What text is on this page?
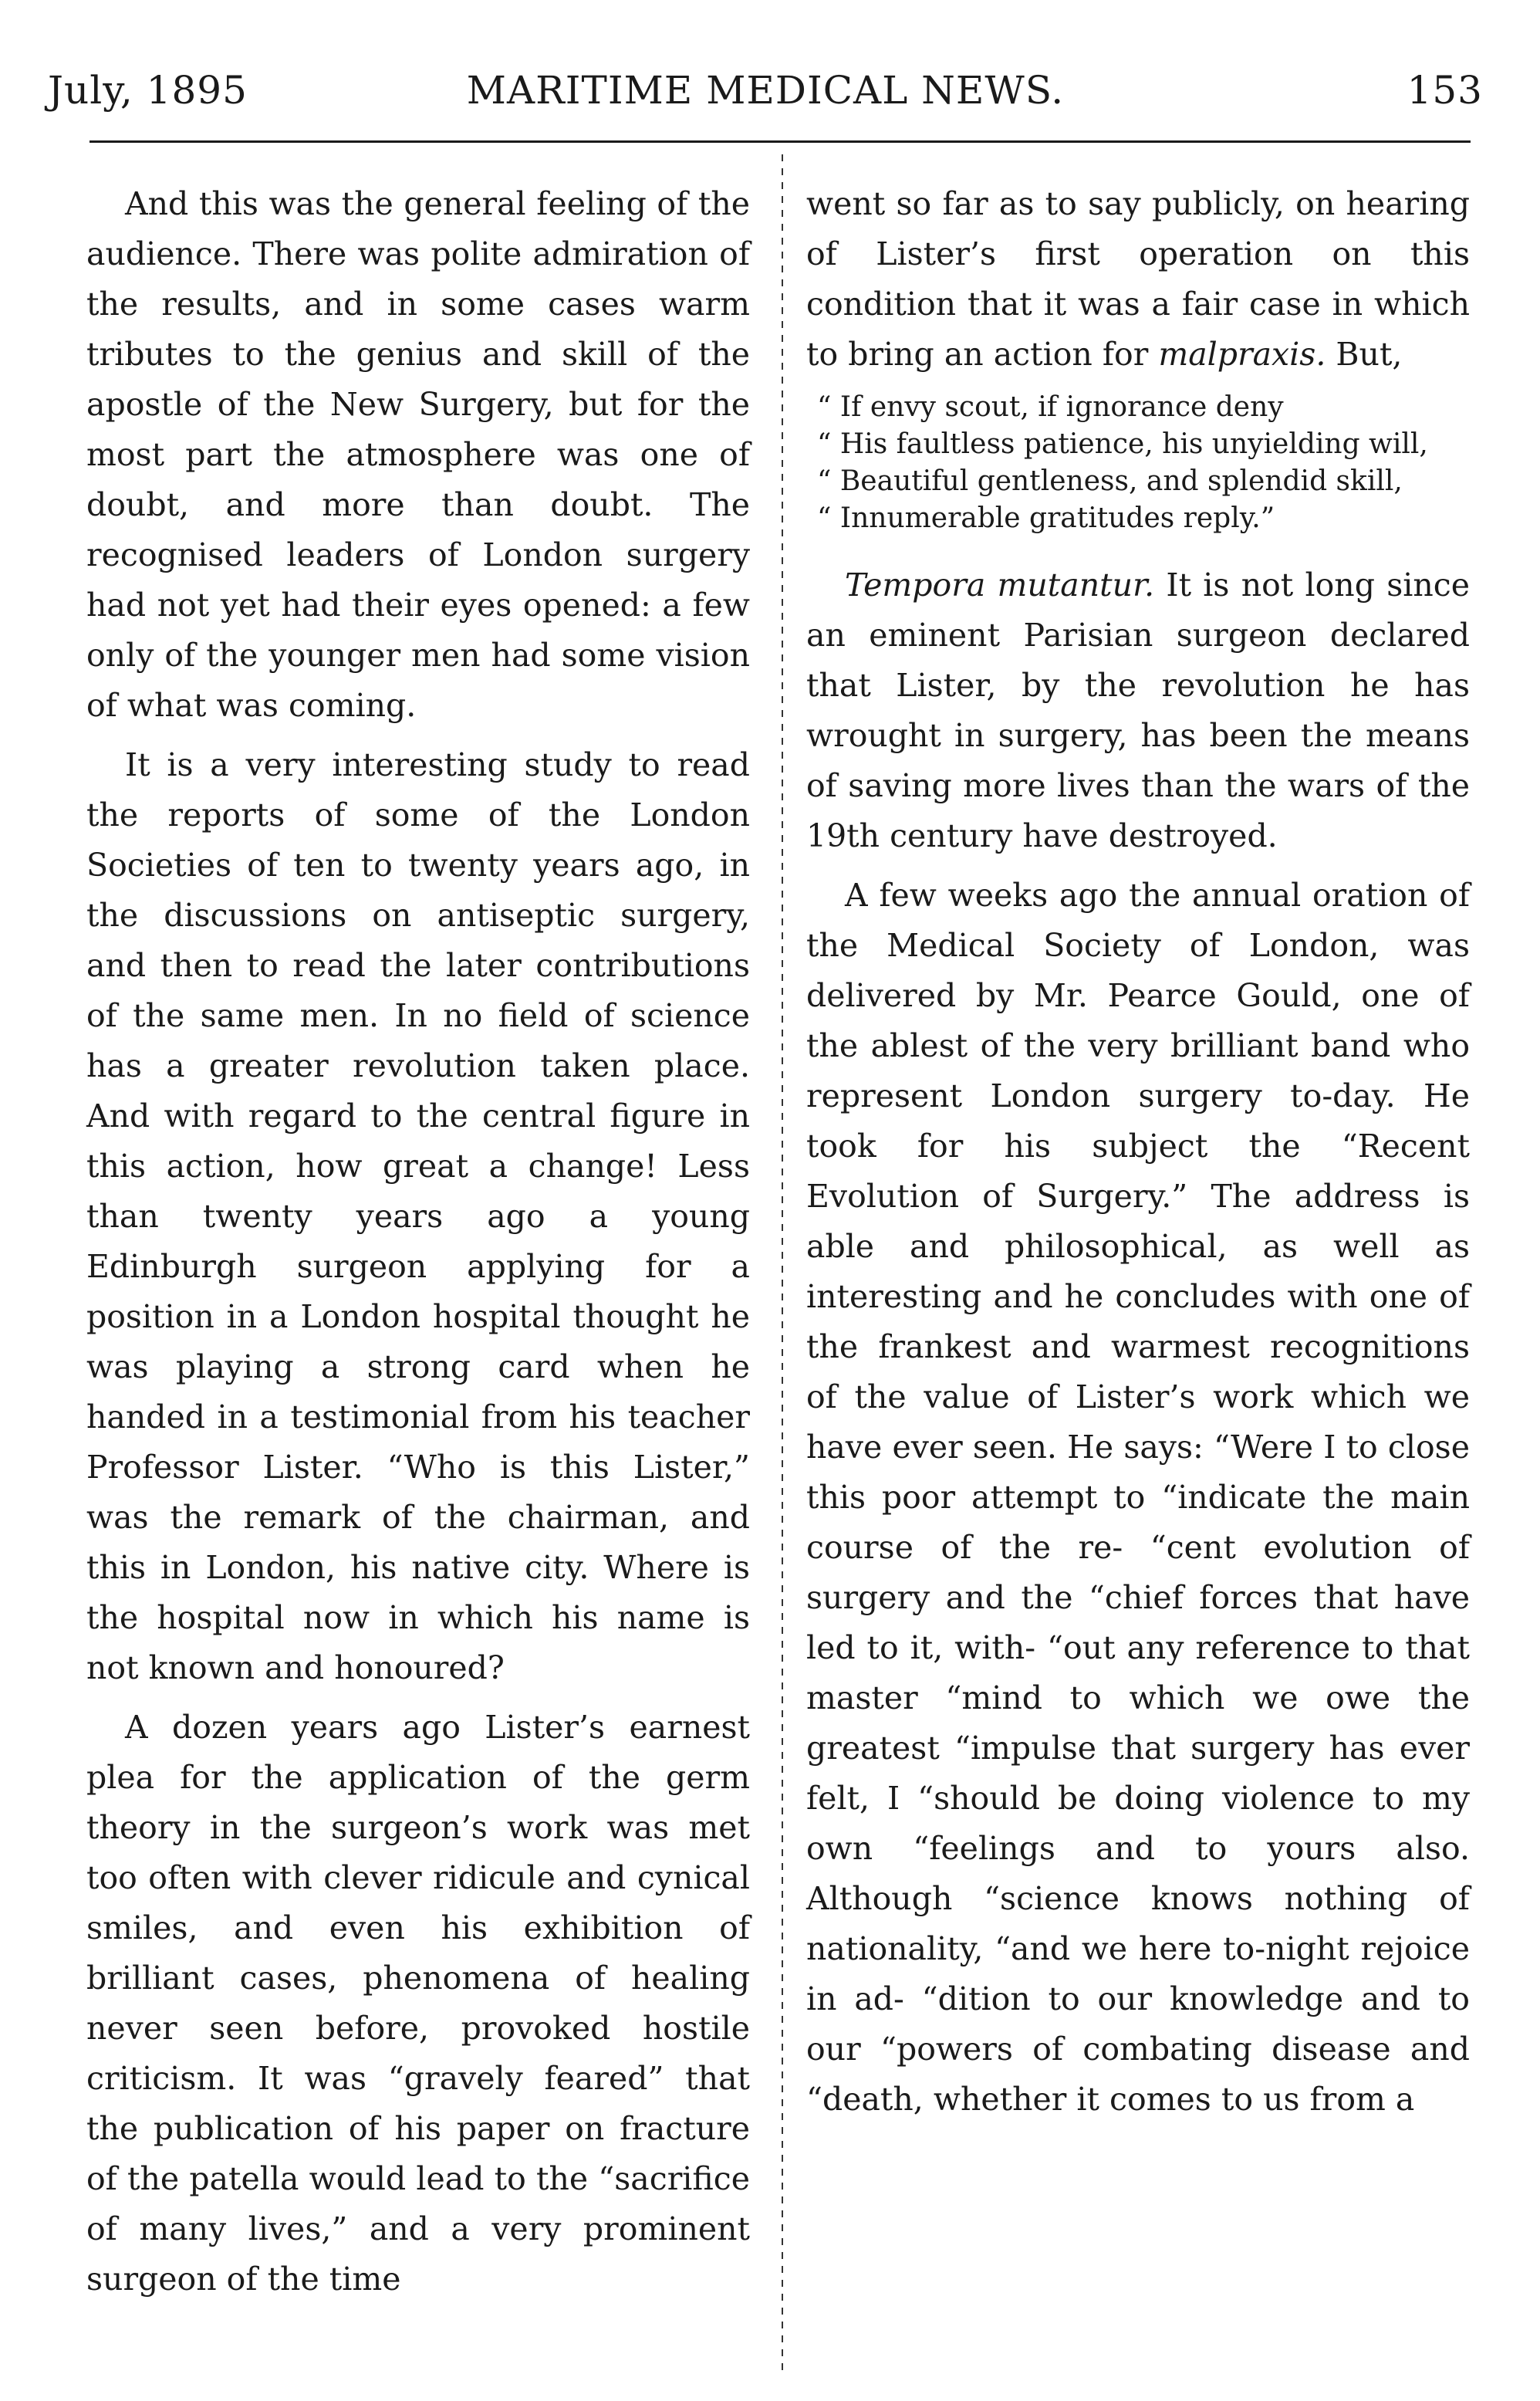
July, 1895	MARITIME MEDICAL NEWS.	153

And this was the general feeling of the audience. There was polite admiration of the results, and in some cases warm tributes to the genius and skill of the apostle of the New Surgery, but for the most part the atmosphere was one of doubt, and more than doubt. The recognised leaders of London surgery had not yet had their eyes opened: a few only of the younger men had some vision of what was coming.

It is a very interesting study to read the reports of some of the London Societies of ten to twenty years ago, in the discussions on antiseptic surgery, and then to read the later contributions of the same men. In no field of science has a greater revolution taken place. And with regard to the central figure in this action, how great a change! Less than twenty years ago a young Edinburgh surgeon applying for a position in a London hospital thought he was playing a strong card when he handed in a testimonial from his teacher Professor Lister. “Who is this Lister,” was the remark of the chairman, and this in London, his native city. Where is the hospital now in which his name is not known and honoured?

A dozen years ago Lister’s earnest plea for the application of the germ theory in the surgeon’s work was met too often with clever ridicule and cynical smiles, and even his exhibition of brilliant cases, phenomena of healing never seen before, provoked hostile criticism. It was “gravely feared” that the publication of his paper on fracture of the patella would lead to the “sacrifice of many lives,” and a very prominent surgeon of the time

went so far as to say publicly, on hearing of Lister’s first operation on this condition that it was a fair case in which to bring an action for malpraxis. But,

“ If envy scout, if ignorance deny
“ His faultless patience, his unyielding will,
“ Beautiful gentleness, and splendid skill,
“ Innumerable gratitudes reply.”

Tempora mutantur. It is not long since an eminent Parisian surgeon declared that Lister, by the revolution he has wrought in surgery, has been the means of saving more lives than the wars of the 19th century have destroyed.

A few weeks ago the annual oration of the Medical Society of London, was delivered by Mr. Pearce Gould, one of the ablest of the very brilliant band who represent London surgery to-day. He took for his subject the “Recent Evolution of Surgery.” The address is able and philosophical, as well as interesting and he concludes with one of the frankest and warmest recognitions of the value of Lister’s work which we have ever seen. He says: “Were I to close this poor attempt to “indicate the main course of the re- “cent evolution of surgery and the “chief forces that have led to it, with- “out any reference to that master “mind to which we owe the greatest “impulse that surgery has ever felt, I “should be doing violence to my own “feelings and to yours also. Although “science knows nothing of nationality, “and we here to-night rejoice in ad- “dition to our knowledge and to our “powers of combating disease and “death, whether it comes to us from a
